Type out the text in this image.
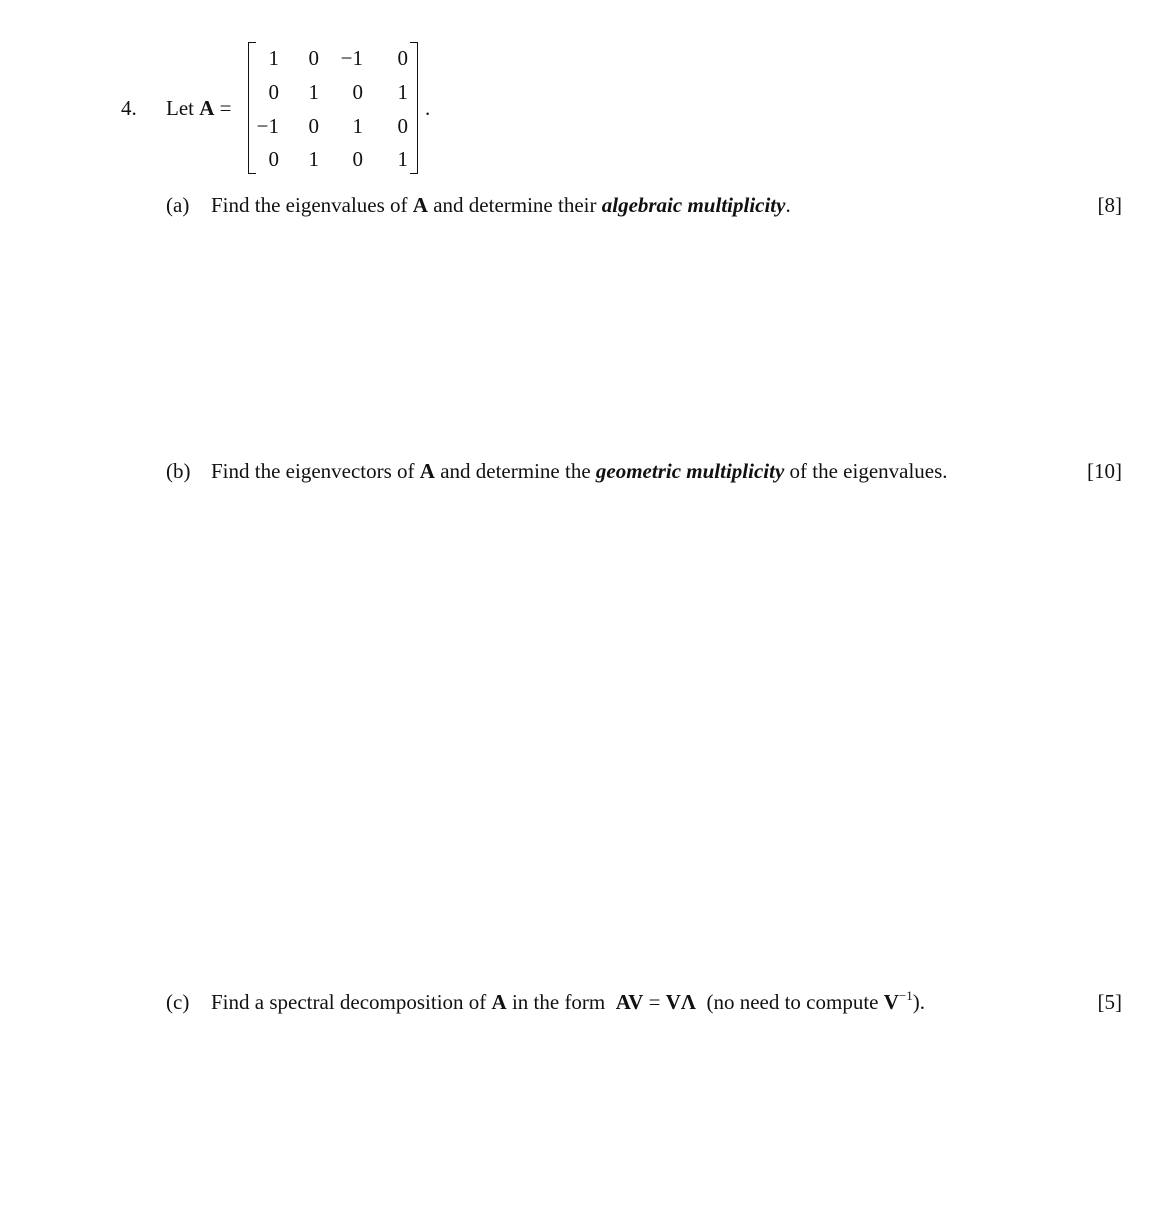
4. Let A =
1	0	−1	0
0	1	0	1
−1	0	1	0
0	1	0	1
.
(a) Find the eigenvalues of A and determine their algebraic multiplicity.	[8]
(b) Find the eigenvectors of A and determine the geometric multiplicity of the eigenvalues.	[10]
(c) Find a spectral decomposition of A in the form AV = VΛ (no need to compute $V^{-1}$).	[5]
